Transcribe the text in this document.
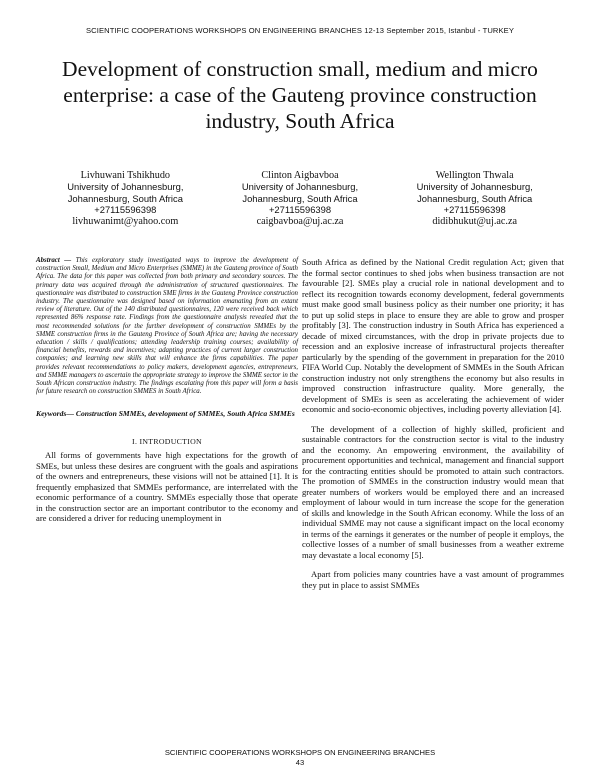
SCIENTIFIC COOPERATIONS WORKSHOPS ON ENGINEERING BRANCHES 12-13 September 2015, Istanbul - TURKEY
Development of construction small, medium and micro enterprise: a case of the Gauteng province construction industry, South Africa
Livhuwani Tshikhudo
University of Johannesburg,
Johannesburg, South Africa
+27115596398
livhuwanimt@yahoo.com
Clinton Aigbavboa
University of Johannesburg,
Johannesburg, South Africa
+27115596398
caigbavboa@uj.ac.za
Wellington Thwala
University of Johannesburg,
Johannesburg, South Africa
+27115596398
didibhukut@uj.ac.za

Abstract — This exploratory study investigated ways to improve the development of construction Small, Medium and Micro Enterprises (SMME) in the Gauteng province of South Africa. The data for this paper was collected from both primary and secondary sources. The primary data was acquired through the administration of structured questionnaires. The questionnaire was distributed to construction SME firms in the Gauteng Province construction industry. The questionnaire was designed based on information emanating from an extant review of literature. Out of the 140 distributed questionnaires, 120 were received back which represented 86% response rate. Findings from the questionnaire analysis revealed that the most recommended solutions for the further development of construction SMMEs by the SMME construction firms in the Gauteng Province of South Africa are; having the necessary education / skills / qualifications; attending leadership training courses; availability of financial benefits, rewards and incentives; adapting practices of current larger construction companies; and learning new skills that will enhance the firms capabilities. The paper provides relevant recommendations to policy makers, development agencies, entrepreneurs, and SMME managers to ascertain the appropriate strategy to improve the SMME sector in the South African construction industry. The findings escalating from this paper will form a basis for future research on construction SMMES in South Africa.

Keywords— Construction SMMEs, development of SMMEs, South Africa SMMEs

I. INTRODUCTION

All forms of governments have high expectations for the growth of SMEs, but unless these desires are congruent with the goals and aspirations of the owners and entrepreneurs, these visions will not be attained [1]. It is frequently emphasized that SMMEs performance, are interrelated with the economic performance of a country. SMMEs especially those that operate in the construction sector are an important contributor to the economy and are considered a driver for reducing unemployment in

South Africa as defined by the National Credit regulation Act; given that the formal sector continues to shed jobs when business transaction are not favourable [2]. SMEs play a crucial role in national development and to reflect its recognition towards economy development, federal governments must make good small business policy as their number one priority; it has to put up solid steps in place to ensure they are able to grow and prosper profitably [3]. The construction industry in South Africa has experienced a decade of mixed circumstances, with the drop in private projects due to recession and an explosive increase of infrastructural projects thereafter particularly by the spending of the government in preparation for the 2010 FIFA World Cup. Notably the development of SMMEs in the South African construction industry not only strengthens the economy but also results in improved construction infrastructure quality. More generally, the development of SMEs is seen as accelerating the achievement of wider economic and socio-economic objectives, including poverty alleviation [4].

The development of a collection of highly skilled, proficient and sustainable contractors for the construction sector is vital to the industry and the economy. An empowering environment, the availability of procurement opportunities and technical, management and financial support for the contracting entities should be promoted to attain such contractors. The promotion of SMMEs in the construction industry would mean that greater numbers of workers would be employed there and an increased employment of labour would in turn increase the scope for the generation of skills and knowledge in the South African economy. While the loss of an individual SMME may not cause a significant impact on the local economy in terms of the earnings it generates or the number of people it employs, the collective losses of a number of small businesses from a weather extreme may devastate a local economy [5].

Apart from policies many countries have a vast amount of programmes they put in place to assist SMMEs

SCIENTIFIC COOPERATIONS WORKSHOPS ON ENGINEERING BRANCHES
43
